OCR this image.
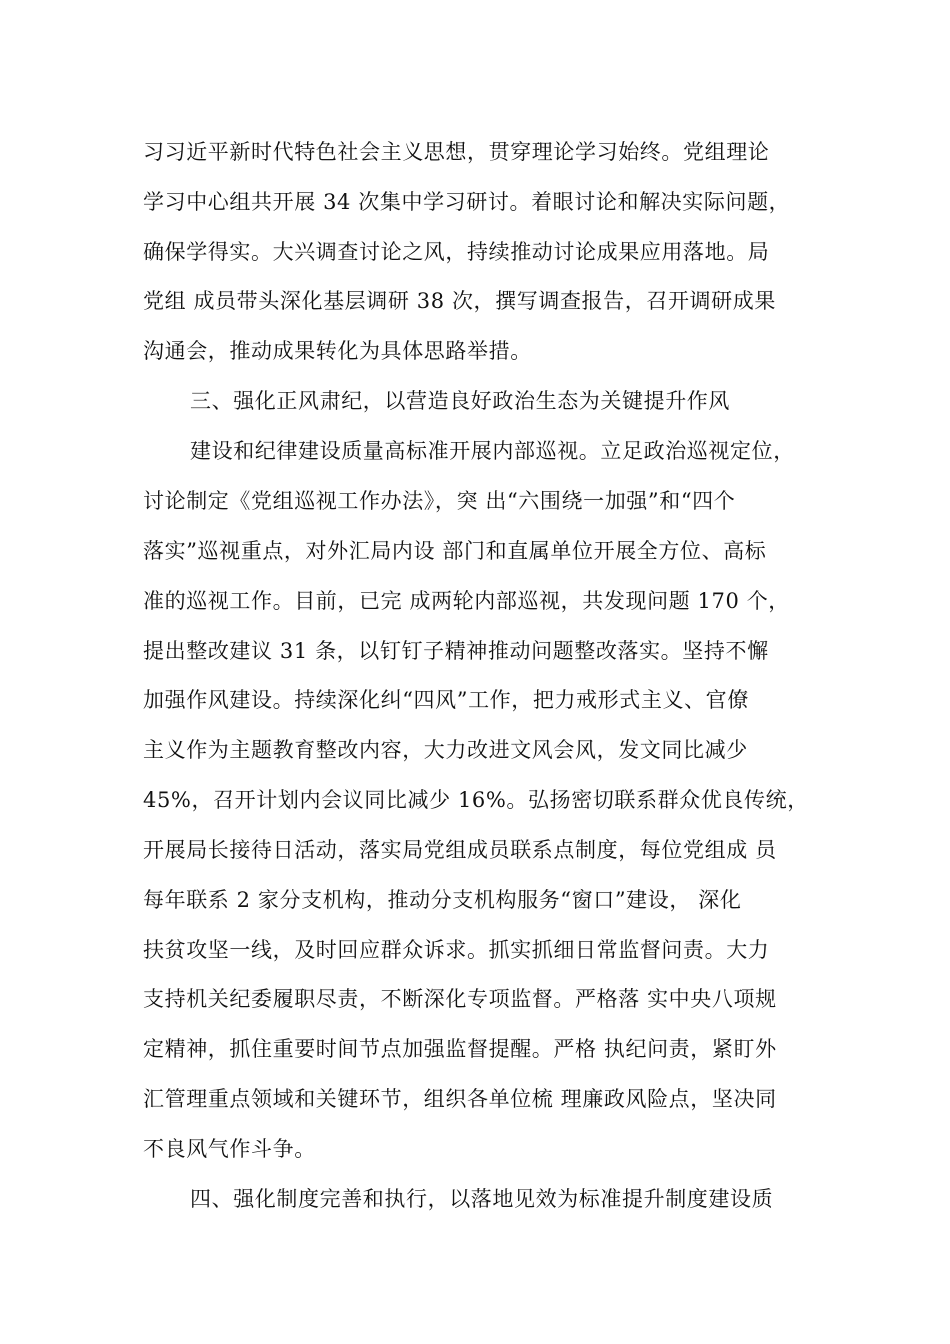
习习近平新时代特色社会主义思想，贯穿理论学习始终。党组理论
学习中心组共开展 34 次集中学习研讨。着眼讨论和解决实际问题，
确保学得实。大兴调查讨论之风，持续推动讨论成果应用落地。局
党组 成员带头深化基层调研 38 次，撰写调查报告，召开调研成果
沟通会，推动成果转化为具体思路举措。
三、强化正风肃纪，以营造良好政治生态为关键提升作风
建设和纪律建设质量高标准开展内部巡视。立足政治巡视定位，
讨论制定《党组巡视工作办法》，突 出“六围绕一加强”和“四个
落实”巡视重点，对外汇局内设 部门和直属单位开展全方位、高标
准的巡视工作。目前，已完 成两轮内部巡视，共发现问题 170 个，
提出整改建议 31 条，以钉钉子精神推动问题整改落实。坚持不懈
加强作风建设。持续深化纠“四风”工作，把力戒形式主义、官僚
主义作为主题教育整改内容，大力改进文风会风，发文同比减少
45%，召开计划内会议同比减少 16%。弘扬密切联系群众优良传统，
开展局长接待日活动，落实局党组成员联系点制度，每位党组成 员
每年联系 2 家分支机构，推动分支机构服务“窗口”建设， 深化
扶贫攻坚一线，及时回应群众诉求。抓实抓细日常监督问责。大力
支持机关纪委履职尽责，不断深化专项监督。严格落 实中央八项规
定精神，抓住重要时间节点加强监督提醒。严格 执纪问责，紧盯外
汇管理重点领域和关键环节，组织各单位梳 理廉政风险点，坚决同
不良风气作斗争。
四、强化制度完善和执行，以落地见效为标准提升制度建设质
